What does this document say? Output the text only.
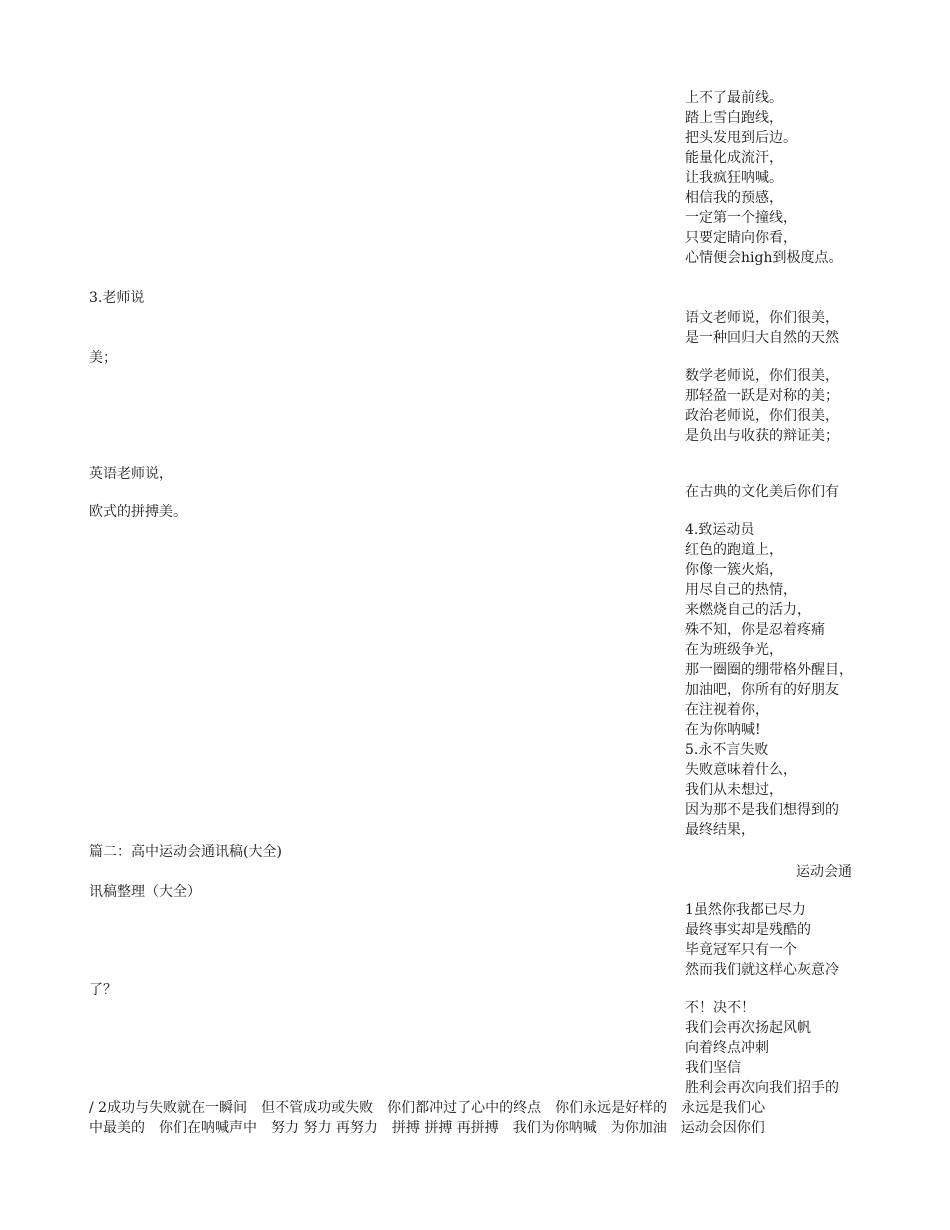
上不了最前线。
踏上雪白跑线，
把头发甩到后边。
能量化成流汗，
让我疯狂呐喊。
相信我的预感，
一定第一个撞线，
只要定睛向你看，
心情便会high到极度点。
3.老师说
语文老师说，你们很美，
是一种回归大自然的天然
美；
数学老师说，你们很美，
那轻盈一跃是对称的美；
政治老师说，你们很美，
是负出与收获的辩证美；
英语老师说，
在古典的文化美后你们有
欧式的拼搏美。
4.致运动员
红色的跑道上，
你像一簇火焰，
用尽自己的热情，
来燃烧自己的活力，
殊不知，你是忍着疼痛
在为班级争光，
那一圈圈的绷带格外醒目，
加油吧，你所有的好朋友
在注视着你，
在为你呐喊!
5.永不言失败
失败意味着什么，
我们从未想过，
因为那不是我们想得到的
最终结果，
篇二：高中运动会通讯稿(大全)
运动会通
讯稿整理（大全）
1虽然你我都已尽力
最终事实却是残酷的
毕竟冠军只有一个
然而我们就这样心灰意冷
了？
不！决不！
我们会再次扬起风帆
向着终点冲刺
我们坚信
胜利会再次向我们招手的
/ 2成功与失败就在一瞬间　但不管成功或失败　你们都冲过了心中的终点　你们永远是好样的　永远是我们心
中最美的　你们在呐喊声中　努力 努力 再努力　拼搏 拼搏 再拼搏　我们为你呐喊　为你加油　运动会因你们
